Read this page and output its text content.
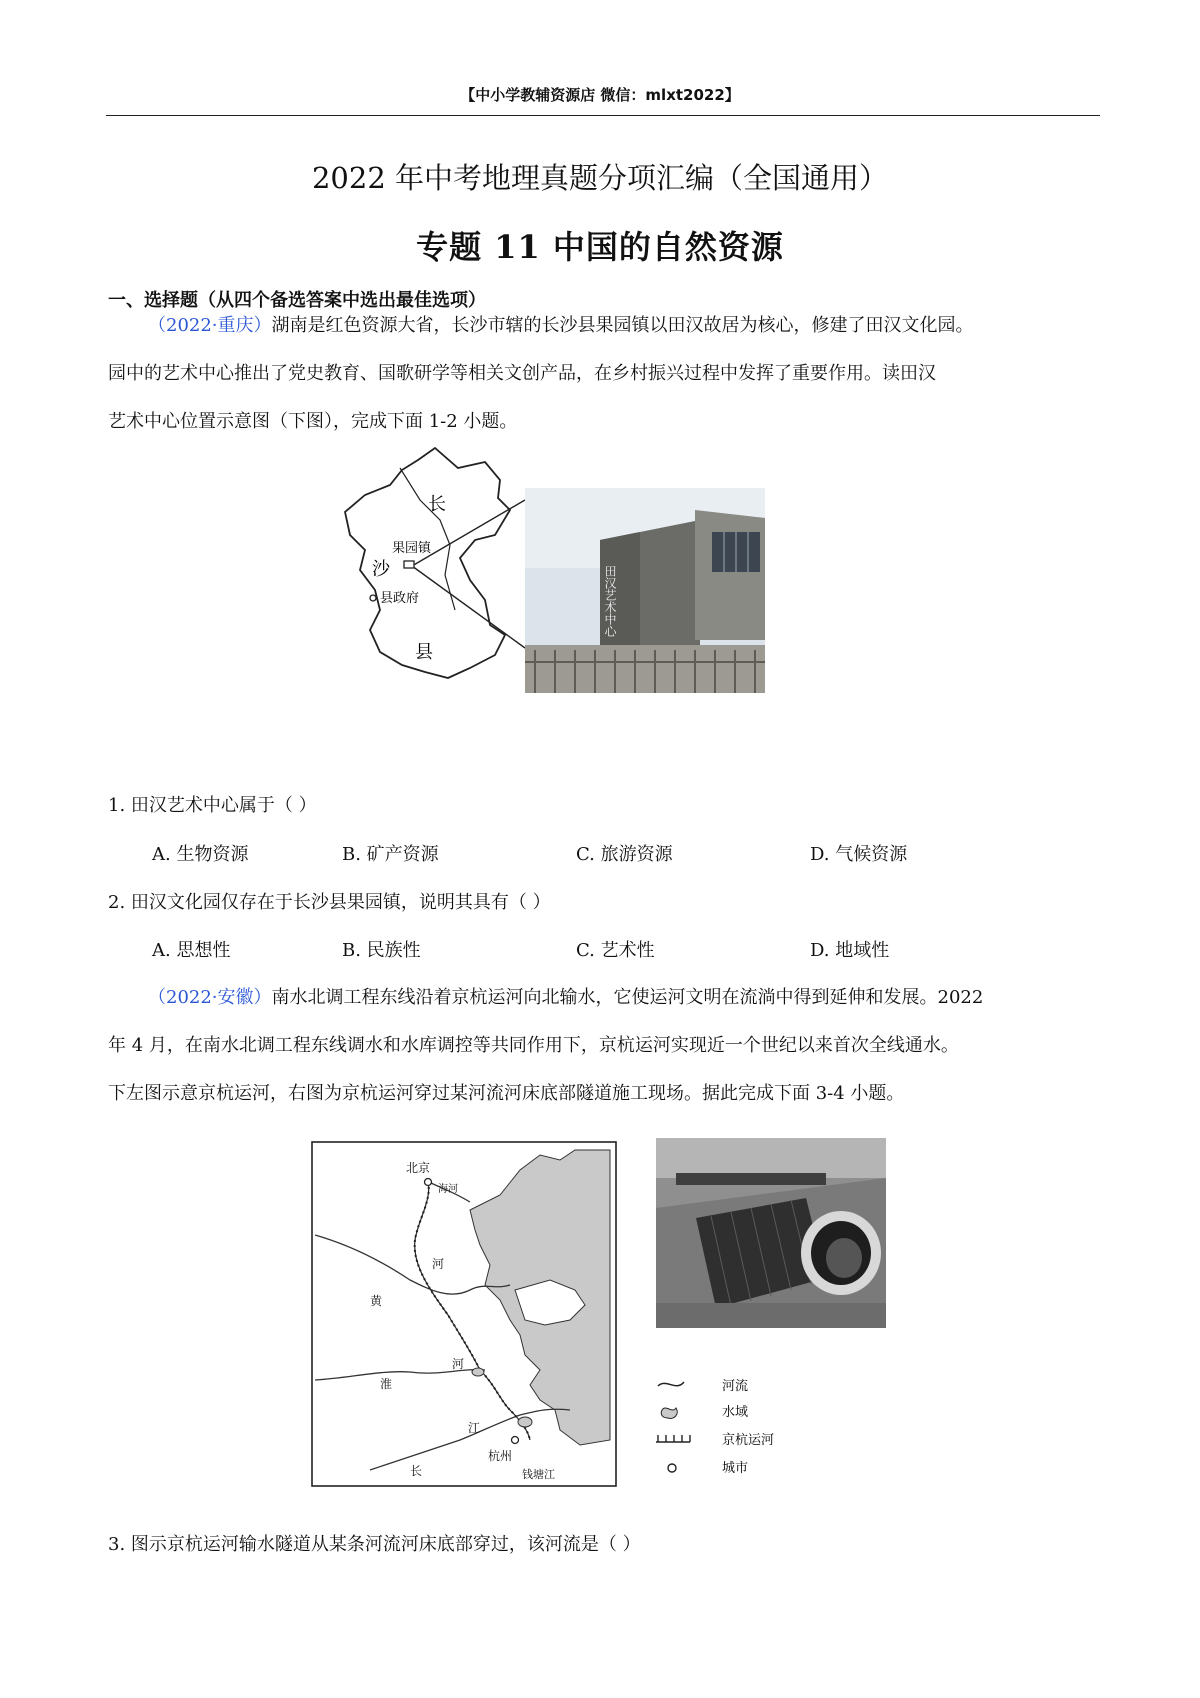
【中小学教辅资源店 微信：mlxt2022】
2022 年中考地理真题分项汇编（全国通用）
专题 11 中国的自然资源
一、选择题（从四个备选答案中选出最佳选项）
（2022·重庆）湖南是红色资源大省，长沙市辖的长沙县果园镇以田汉故居为核心，修建了田汉文化园。
园中的艺术中心推出了党史教育、国歌研学等相关文创产品，在乡村振兴过程中发挥了重要作用。读田汉
艺术中心位置示意图（下图），完成下面 1-2 小题。
长
果园镇
沙
县政府
县
田汉艺术中心
1. 田汉艺术中心属于（ ）
A. 生物资源	B. 矿产资源	C. 旅游资源	D. 气候资源
2. 田汉文化园仅存在于长沙县果园镇，说明其具有（ ）
A. 思想性	B. 民族性	C. 艺术性	D. 地域性
（2022·安徽）南水北调工程东线沿着京杭运河向北输水，它使运河文明在流淌中得到延伸和发展。2022
年 4 月，在南水北调工程东线调水和水库调控等共同作用下，京杭运河实现近一个世纪以来首次全线通水。
下左图示意京杭运河，右图为京杭运河穿过某河流河床底部隧道施工现场。据此完成下面 3-4 小题。
北京
海河
河
黄
河
淮
江
长
杭州
钱塘江
河流
水域
京杭运河
城市
3. 图示京杭运河输水隧道从某条河流河床底部穿过，该河流是（ ）
